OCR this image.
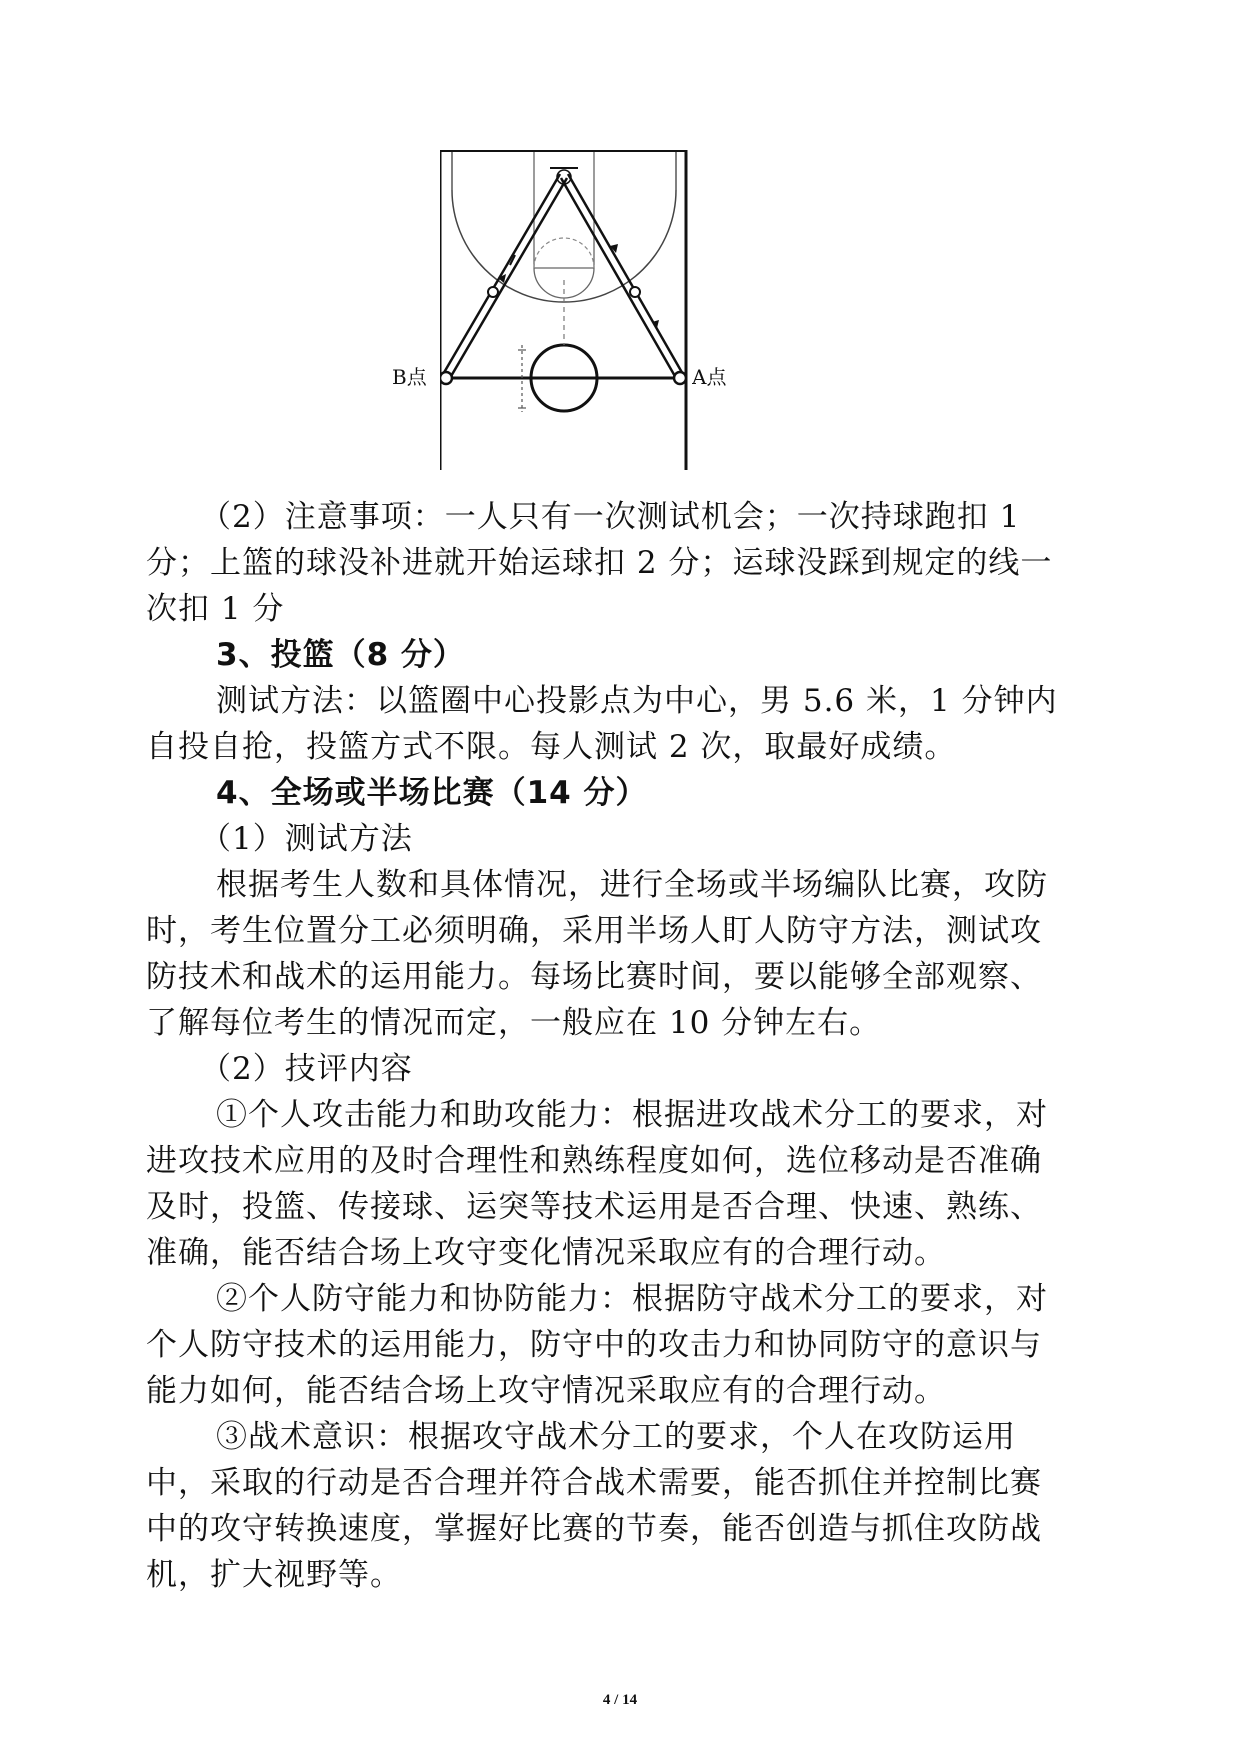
B点	A点
（2）注意事项：一人只有一次测试机会；一次持球跑扣 1
分；上篮的球没补进就开始运球扣 2 分；运球没踩到规定的线一
次扣 1 分
3、投篮（8 分）
测试方法：以篮圈中心投影点为中心，男 5.6 米，1 分钟内
自投自抢，投篮方式不限。每人测试 2 次，取最好成绩。
4、全场或半场比赛（14 分）
（1）测试方法
根据考生人数和具体情况，进行全场或半场编队比赛，攻防
时，考生位置分工必须明确，采用半场人盯人防守方法，测试攻
防技术和战术的运用能力。每场比赛时间，要以能够全部观察、
了解每位考生的情况而定，一般应在 10 分钟左右。
（2）技评内容
①个人攻击能力和助攻能力：根据进攻战术分工的要求，对
进攻技术应用的及时合理性和熟练程度如何，选位移动是否准确
及时，投篮、传接球、运突等技术运用是否合理、快速、熟练、
准确，能否结合场上攻守变化情况采取应有的合理行动。
②个人防守能力和协防能力：根据防守战术分工的要求，对
个人防守技术的运用能力，防守中的攻击力和协同防守的意识与
能力如何，能否结合场上攻守情况采取应有的合理行动。
③战术意识：根据攻守战术分工的要求，个人在攻防运用
中，采取的行动是否合理并符合战术需要，能否抓住并控制比赛
中的攻守转换速度，掌握好比赛的节奏，能否创造与抓住攻防战
机，扩大视野等。
4 / 14
